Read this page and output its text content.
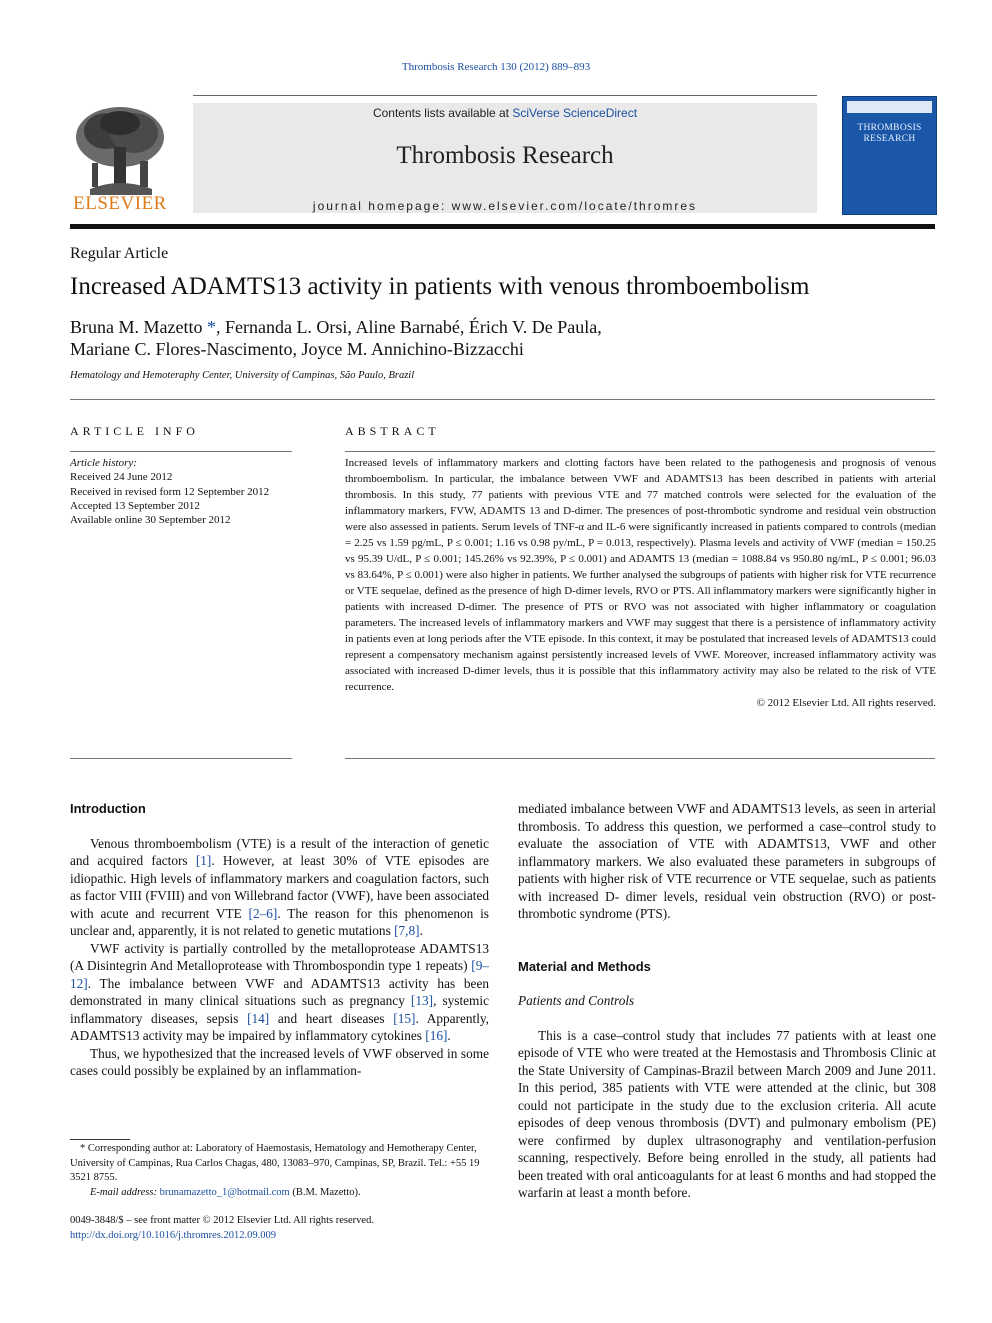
Thrombosis Research 130 (2012) 889–893
ELSEVIER
Contents lists available at SciVerse ScienceDirect
Thrombosis Research
journal homepage: www.elsevier.com/locate/thromres
THROMBOSIS
RESEARCH
Regular Article
Increased ADAMTS13 activity in patients with venous thromboembolism
Bruna M. Mazetto *, Fernanda L. Orsi, Aline Barnabé, Érich V. De Paula,
Mariane C. Flores-Nascimento, Joyce M. Annichino-Bizzacchi
Hematology and Hemoteraphy Center, University of Campinas, São Paulo, Brazil
ARTICLE INFO
Article history:
Received 24 June 2012
Received in revised form 12 September 2012
Accepted 13 September 2012
Available online 30 September 2012
ABSTRACT
Increased levels of inflammatory markers and clotting factors have been related to the pathogenesis and prognosis of venous thromboembolism. In particular, the imbalance between VWF and ADAMTS13 has been described in patients with arterial thrombosis. In this study, 77 patients with previous VTE and 77 matched controls were selected for the evaluation of the inflammatory markers, FVW, ADAMTS 13 and D-dimer. The presences of post-thrombotic syndrome and residual vein obstruction were also assessed in patients. Serum levels of TNF-α and IL-6 were significantly increased in patients compared to controls (median = 2.25 vs 1.59 pg/mL, P ≤ 0.001; 1.16 vs 0.98 py/mL, P = 0.013, respectively). Plasma levels and activity of VWF (median = 150.25 vs 95.39 U/dL, P ≤ 0.001; 145.26% vs 92.39%, P ≤ 0.001) and ADAMTS 13 (median = 1088.84 vs 950.80 ng/mL, P ≤ 0.001; 96.03 vs 83.64%, P ≤ 0.001) were also higher in patients. We further analysed the subgroups of patients with higher risk for VTE recurrence or VTE sequelae, defined as the presence of high D-dimer levels, RVO or PTS. All inflammatory markers were significantly higher in patients with increased D-dimer. The presence of PTS or RVO was not associated with higher inflammatory or coagulation parameters. The increased levels of inflammatory markers and VWF may suggest that there is a persistence of inflammatory activity in patients even at long periods after the VTE episode. In this context, it may be postulated that increased levels of ADAMTS13 could represent a compensatory mechanism against persistently increased levels of VWF. Moreover, increased inflammatory activity was associated with increased D-dimer levels, thus it is possible that this inflammatory activity may also be related to the risk of VTE recurrence.
© 2012 Elsevier Ltd. All rights reserved.
Introduction

Venous thromboembolism (VTE) is a result of the interaction of genetic and acquired factors [1]. However, at least 30% of VTE episodes are idiopathic. High levels of inflammatory markers and coagulation factors, such as factor VIII (FVIII) and von Willebrand factor (VWF), have been associated with acute and recurrent VTE [2–6]. The reason for this phenomenon is unclear and, apparently, it is not related to genetic mutations [7,8].

VWF activity is partially controlled by the metalloprotease ADAMTS13 (A Disintegrin And Metalloprotease with Thrombospondin type 1 repeats) [9–12]. The imbalance between VWF and ADAMTS13 activity has been demonstrated in many clinical situations such as pregnancy [13], systemic inflammatory diseases, sepsis [14] and heart diseases [15]. Apparently, ADAMTS13 activity may be impaired by inflammatory cytokines [16].

Thus, we hypothesized that the increased levels of VWF observed in some cases could possibly be explained by an inflammation-

* Corresponding author at: Laboratory of Haemostasis, Hematology and Hemotherapy Center, University of Campinas, Rua Carlos Chagas, 480, 13083–970, Campinas, SP, Brazil. Tel.: +55 19 3521 8755.
E-mail address: brunamazetto_1@hotmail.com (B.M. Mazetto).
0049-3848/$ – see front matter © 2012 Elsevier Ltd. All rights reserved.
http://dx.doi.org/10.1016/j.thromres.2012.09.009

mediated imbalance between VWF and ADAMTS13 levels, as seen in arterial thrombosis. To address this question, we performed a case–control study to evaluate the association of VTE with ADAMTS13, VWF and other inflammatory markers. We also evaluated these parameters in subgroups of patients with higher risk of VTE recurrence or VTE sequelae, such as patients with increased D- dimer levels, residual vein obstruction (RVO) or post-thrombotic syndrome (PTS).

Material and Methods
Patients and Controls

This is a case–control study that includes 77 patients with at least one episode of VTE who were treated at the Hemostasis and Thrombosis Clinic at the State University of Campinas-Brazil between March 2009 and June 2011. In this period, 385 patients with VTE were attended at the clinic, but 308 could not participate in the study due to the exclusion criteria. All acute episodes of deep venous thrombosis (DVT) and pulmonary embolism (PE) were confirmed by duplex ultrasonography and ventilation-perfusion scanning, respectively. Before being enrolled in the study, all patients had been treated with oral anticoagulants for at least 6 months and had stopped the warfarin at least a month before.
